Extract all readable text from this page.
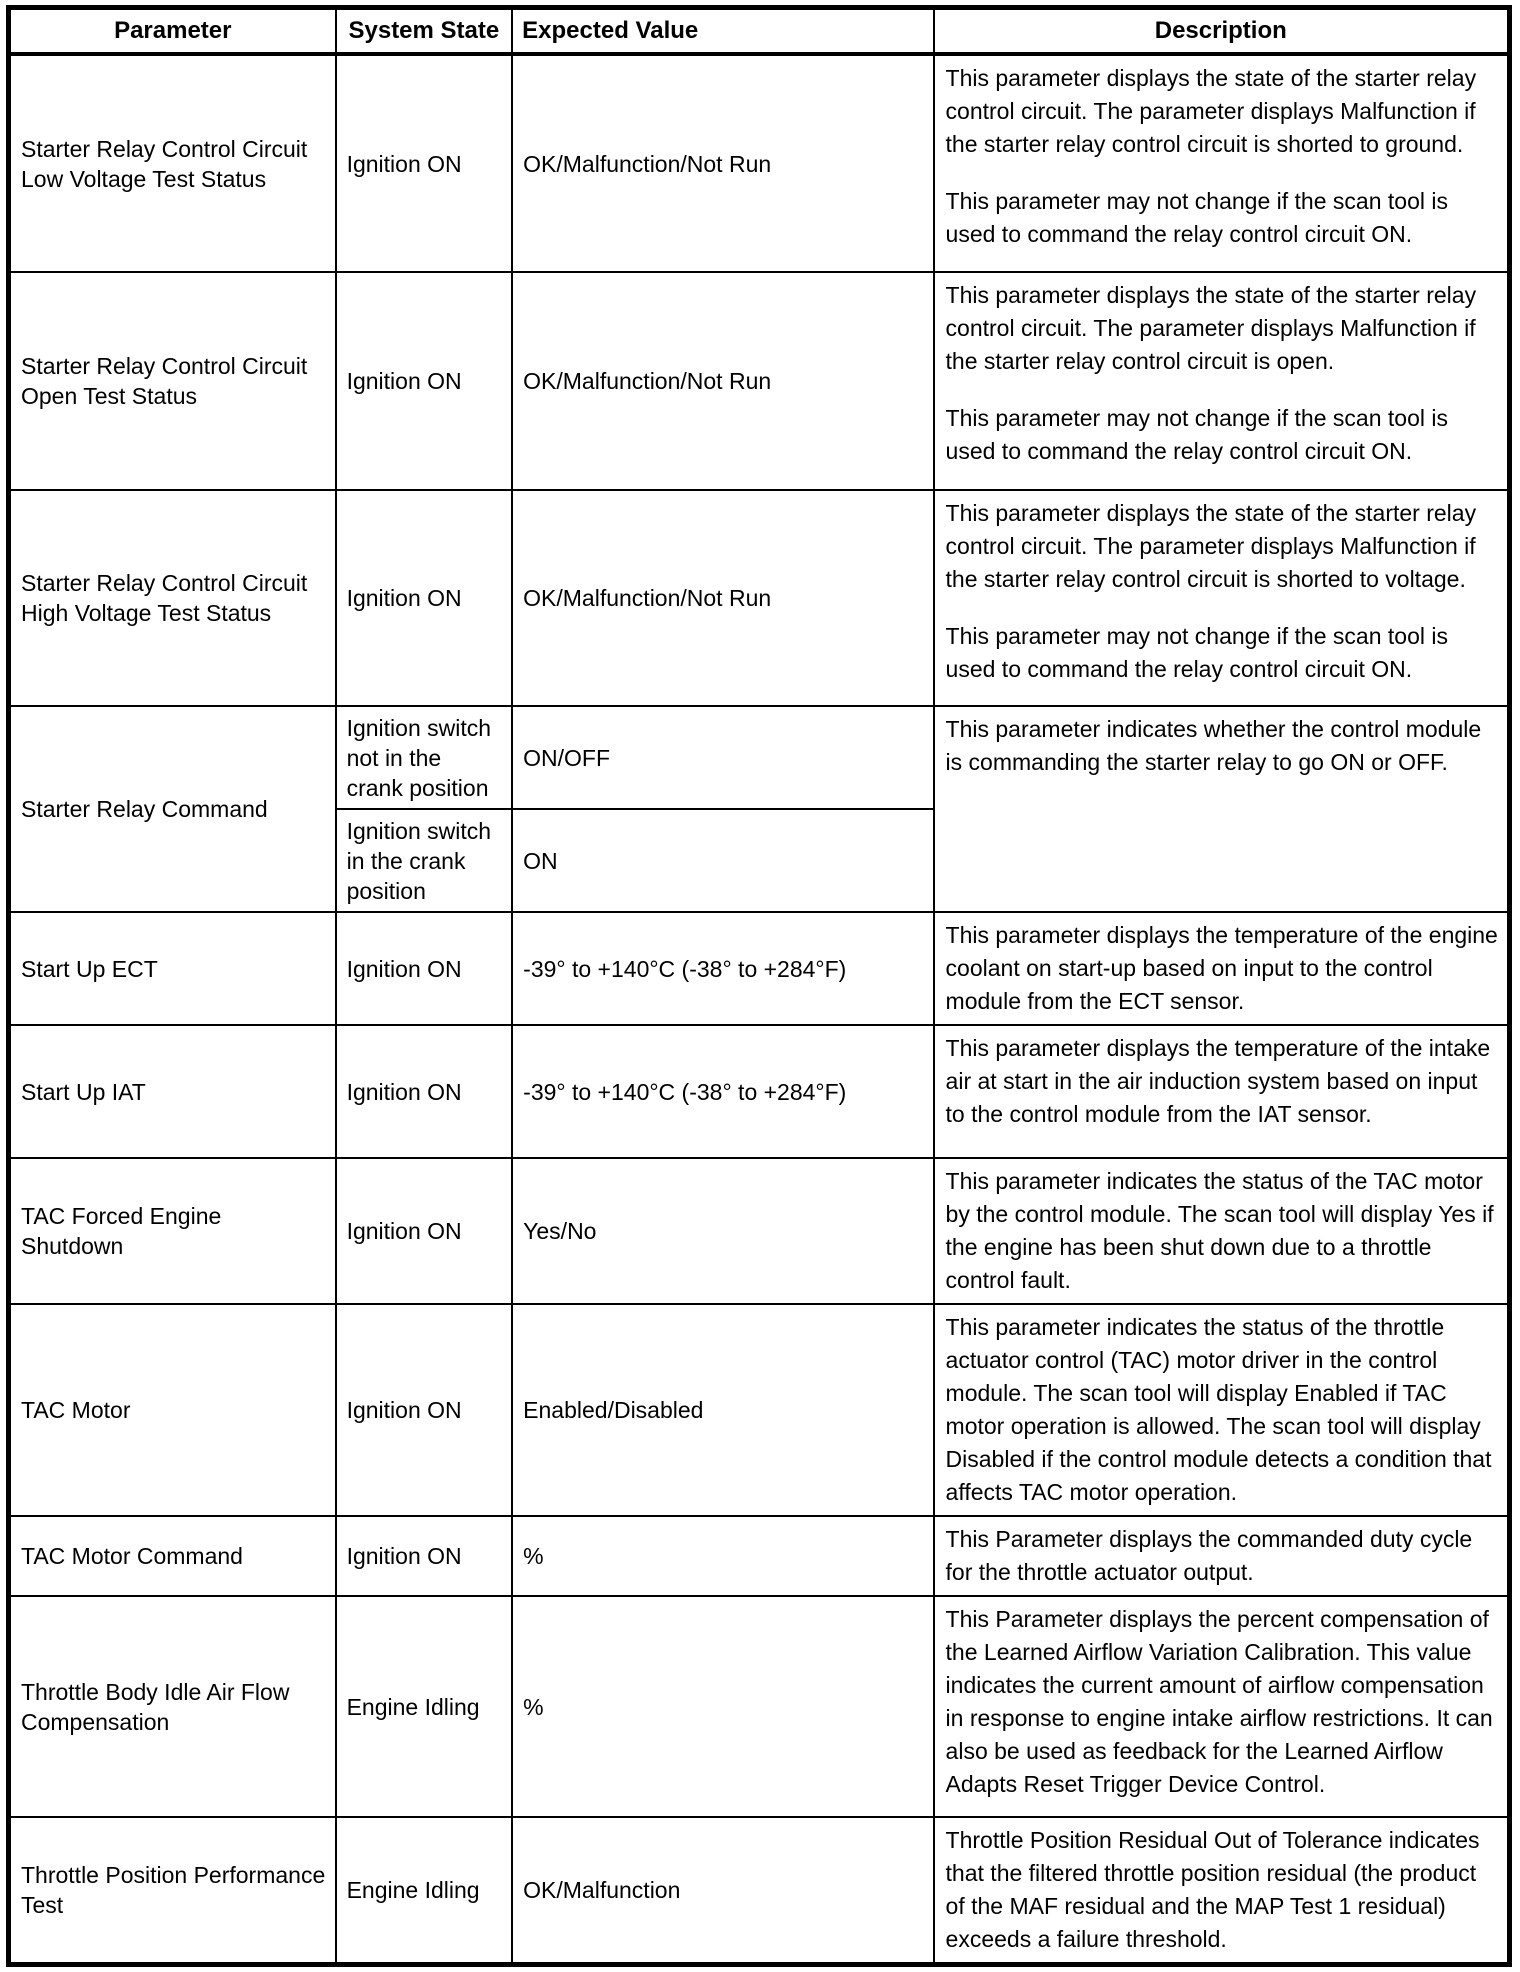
Parameter	System State	Expected Value	Description
Starter Relay Control Circuit Low Voltage Test Status	Ignition ON	OK/Malfunction/Not Run	This parameter displays the state of the starter relay control circuit. The parameter displays Malfunction if the starter relay control circuit is shorted to ground.

This parameter may not change if the scan tool is used to command the relay control circuit ON.

Starter Relay Control Circuit Open Test Status	Ignition ON	OK/Malfunction/Not Run	This parameter displays the state of the starter relay control circuit. The parameter displays Malfunction if the starter relay control circuit is open.

This parameter may not change if the scan tool is used to command the relay control circuit ON.

Starter Relay Control Circuit High Voltage Test Status	Ignition ON	OK/Malfunction/Not Run	This parameter displays the state of the starter relay control circuit. The parameter displays Malfunction if the starter relay control circuit is shorted to voltage.

This parameter may not change if the scan tool is used to command the relay control circuit ON.

Starter Relay Command	Ignition switch not in the crank position	ON/OFF	This parameter indicates whether the control module is commanding the starter relay to go ON or OFF.

	Ignition switch in the crank position	ON	
Start Up ECT	Ignition ON	-39° to +140°C (-38° to +284°F)	This parameter displays the temperature of the engine coolant on start-up based on input to the control module from the ECT sensor.

Start Up IAT	Ignition ON	-39° to +140°C (-38° to +284°F)	This parameter displays the temperature of the intake air at start in the air induction system based on input to the control module from the IAT sensor.

TAC Forced Engine Shutdown	Ignition ON	Yes/No	This parameter indicates the status of the TAC motor by the control module. The scan tool will display Yes if the engine has been shut down due to a throttle control fault.

TAC Motor	Ignition ON	Enabled/Disabled	This parameter indicates the status of the throttle actuator control (TAC) motor driver in the control module. The scan tool will display Enabled if TAC motor operation is allowed. The scan tool will display Disabled if the control module detects a condition that affects TAC motor operation.

TAC Motor Command	Ignition ON	%	This Parameter displays the commanded duty cycle for the throttle actuator output.

Throttle Body Idle Air Flow Compensation	Engine Idling	%	This Parameter displays the percent compensation of the Learned Airflow Variation Calibration. This value indicates the current amount of airflow compensation in response to engine intake airflow restrictions. It can also be used as feedback for the Learned Airflow Adapts Reset Trigger Device Control.

Throttle Position Performance Test	Engine Idling	OK/Malfunction	Throttle Position Residual Out of Tolerance indicates that the filtered throttle position residual (the product of the MAF residual and the MAP Test 1 residual) exceeds a failure threshold.
